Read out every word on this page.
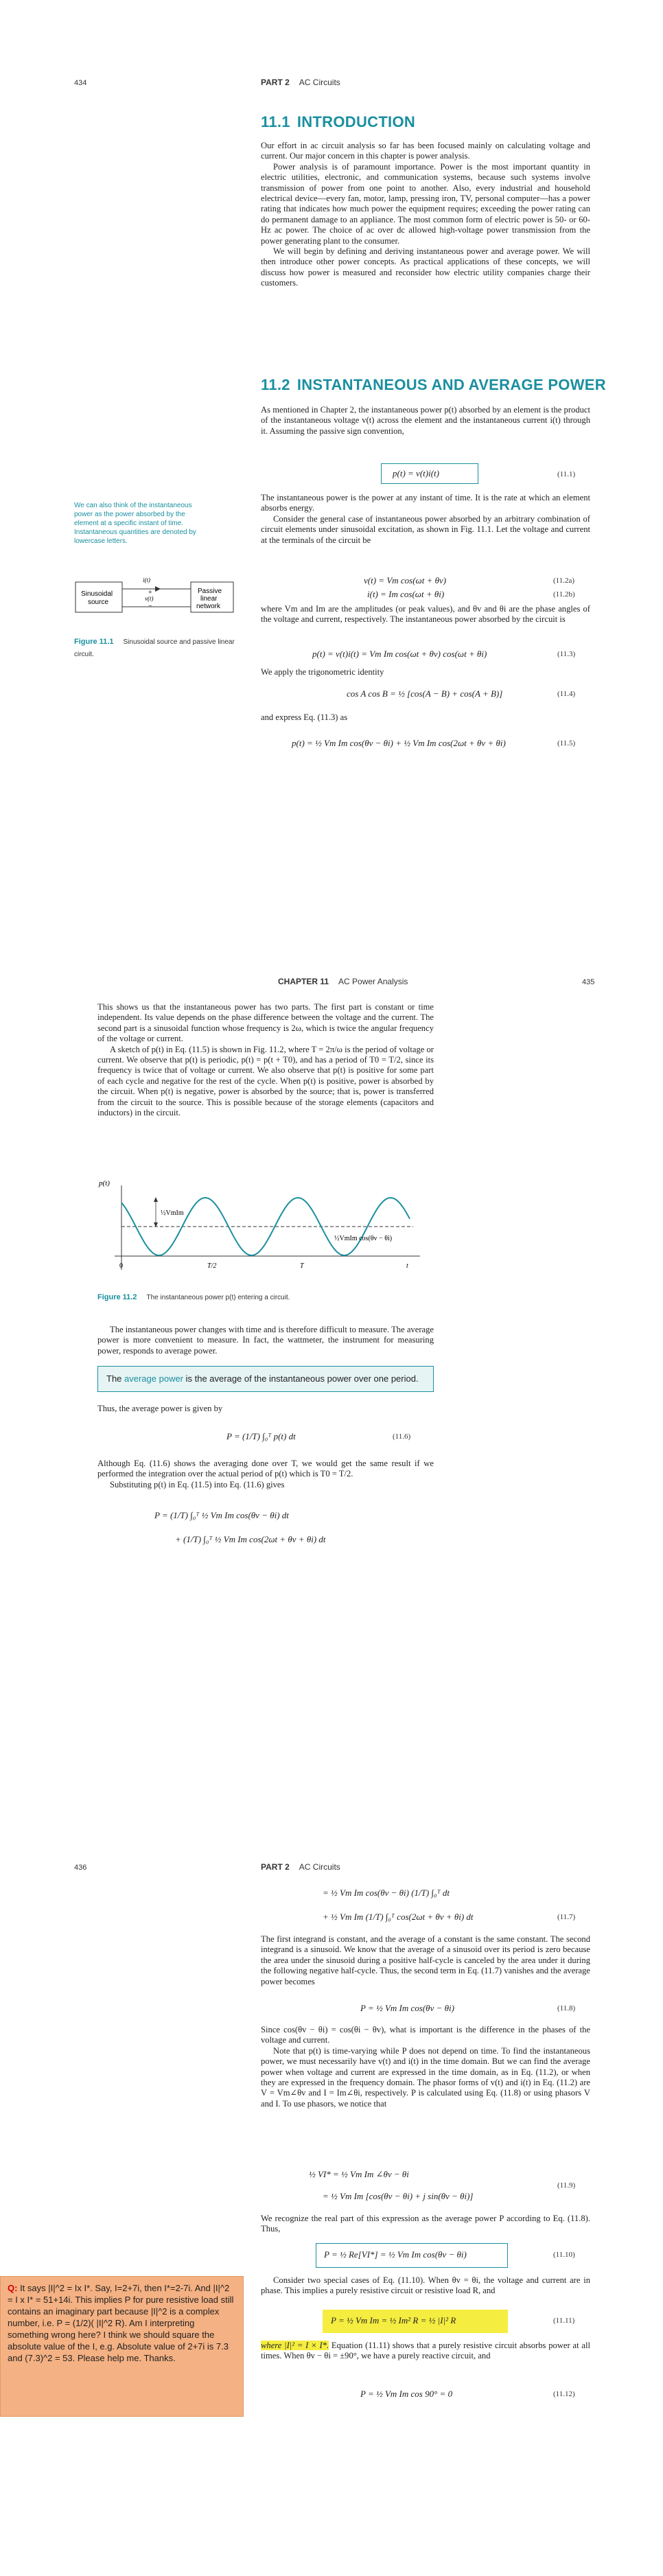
434	PART 2 AC Circuits
11.1 INTRODUCTION

Our effort in ac circuit analysis so far has been focused mainly on calculating voltage and current. Our major concern in this chapter is power analysis.

Power analysis is of paramount importance. Power is the most important quantity in electric utilities, electronic, and communication systems, because such systems involve transmission of power from one point to another. Also, every industrial and household electrical device—every fan, motor, lamp, pressing iron, TV, personal computer—has a power rating that indicates how much power the equipment requires; exceeding the power rating can do permanent damage to an appliance. The most common form of electric power is 50- or 60-Hz ac power. The choice of ac over dc allowed high-voltage power transmission from the power generating plant to the consumer.

We will begin by defining and deriving instantaneous power and average power. We will then introduce other power concepts. As practical applications of these concepts, we will discuss how power is measured and reconsider how electric utility companies charge their customers.

11.2 INSTANTANEOUS AND AVERAGE POWER

As mentioned in Chapter 2, the instantaneous power p(t) absorbed by an element is the product of the instantaneous voltage v(t) across the element and the instantaneous current i(t) through it. Assuming the passive sign convention,

p(t) = v(t)i(t)	(11.1)

The instantaneous power is the power at any instant of time. It is the rate at which an element absorbs energy.

Consider the general case of instantaneous power absorbed by an arbitrary combination of circuit elements under sinusoidal excitation, as shown in Fig. 11.1. Let the voltage and current at the terminals of the circuit be

v(t) = Vm cos(ωt + θv)	(11.2a)
i(t) = Im cos(ωt + θi)	(11.2b)

where Vm and Im are the amplitudes (or peak values), and θv and θi are the phase angles of the voltage and current, respectively. The instantaneous power absorbed by the circuit is

p(t) = v(t)i(t) = Vm Im cos(ωt + θv) cos(ωt + θi)	(11.3)

We apply the trigonometric identity

cos A cos B = ½ [cos(A − B) + cos(A + B)]	(11.4)

and express Eq. (11.3) as

p(t) = ½ Vm Im cos(θv − θi) + ½ Vm Im cos(2ωt + θv + θi)	(11.5)
We can also think of the instantaneous power as the power absorbed by the element at a specific instant of time. Instantaneous quantities are denoted by lowercase letters.
i(t)
+
v(t)
−
Sinusoidal
source
Passive
linear
network
Figure 11.1 Sinusoidal source and passive linear circuit.
CHAPTER 11 AC Power Analysis	435

This shows us that the instantaneous power has two parts. The first part is constant or time independent. Its value depends on the phase difference between the voltage and the current. The second part is a sinusoidal function whose frequency is 2ω, which is twice the angular frequency of the voltage or current.

A sketch of p(t) in Eq. (11.5) is shown in Fig. 11.2, where T = 2π/ω is the period of voltage or current. We observe that p(t) is periodic, p(t) = p(t + T0), and has a period of T0 = T/2, since its frequency is twice that of voltage or current. We also observe that p(t) is positive for some part of each cycle and negative for the rest of the cycle. When p(t) is positive, power is absorbed by the circuit. When p(t) is negative, power is absorbed by the source; that is, power is transferred from the circuit to the source. This is possible because of the storage elements (capacitors and inductors) in the circuit.

p(t)
½VmIm
½VmIm cos(θv − θi)
0	T/2	T	t
Figure 11.2 The instantaneous power p(t) entering a circuit.

The instantaneous power changes with time and is therefore difficult to measure. The average power is more convenient to measure. In fact, the wattmeter, the instrument for measuring power, responds to average power.

The average power is the average of the instantaneous power over one period.

Thus, the average power is given by

P = (1/T) ∫₀ᵀ p(t) dt	(11.6)

Although Eq. (11.6) shows the averaging done over T, we would get the same result if we performed the integration over the actual period of p(t) which is T0 = T/2.

Substituting p(t) in Eq. (11.5) into Eq. (11.6) gives

P = (1/T) ∫₀ᵀ ½ Vm Im cos(θv − θi) dt
+ (1/T) ∫₀ᵀ ½ Vm Im cos(2ωt + θv + θi) dt
436	PART 2 AC Circuits
= ½ Vm Im cos(θv − θi) (1/T) ∫₀ᵀ dt
+ ½ Vm Im (1/T) ∫₀ᵀ cos(2ωt + θv + θi) dt	(11.7)

The first integrand is constant, and the average of a constant is the same constant. The second integrand is a sinusoid. We know that the average of a sinusoid over its period is zero because the area under the sinusoid during a positive half-cycle is canceled by the area under it during the following negative half-cycle. Thus, the second term in Eq. (11.7) vanishes and the average power becomes

P = ½ Vm Im cos(θv − θi)	(11.8)

Since cos(θv − θi) = cos(θi − θv), what is important is the difference in the phases of the voltage and current.

Note that p(t) is time-varying while P does not depend on time. To find the instantaneous power, we must necessarily have v(t) and i(t) in the time domain. But we can find the average power when voltage and current are expressed in the time domain, as in Eq. (11.2), or when they are expressed in the frequency domain. The phasor forms of v(t) and i(t) in Eq. (11.2) are V = Vm∠θv and I = Im∠θi, respectively. P is calculated using Eq. (11.8) or using phasors V and I. To use phasors, we notice that

½ VI* = ½ Vm Im ∠θv − θi
= ½ Vm Im [cos(θv − θi) + j sin(θv − θi)]
(11.9)

We recognize the real part of this expression as the average power P according to Eq. (11.8). Thus,

P = ½ Re[VI*] = ½ Vm Im cos(θv − θi)	(11.10)

Consider two special cases of Eq. (11.10). When θv = θi, the voltage and current are in phase. This implies a purely resistive circuit or resistive load R, and

P = ½ Vm Im = ½ Im² R = ½ |I|² R	(11.11)

where |I|² = I × I*. Equation (11.11) shows that a purely resistive circuit absorbs power at all times. When θv − θi = ±90°, we have a purely reactive circuit, and

P = ½ Vm Im cos 90° = 0	(11.12)
Q: It says |I|^2 = Ix I*. Say, I=2+7i, then I*=2-7i. And |I|^2 = I x I* = 51+14i. This implies P for pure resistive load still contains an imaginary part because |I|^2 is a complex number, i.e. P = (1/2)( |I|^2 R). Am I interpreting something wrong here? I think we should square the absolute value of the I, e.g. Absolute value of 2+7i is 7.3 and (7.3)^2 = 53. Please help me. Thanks.
